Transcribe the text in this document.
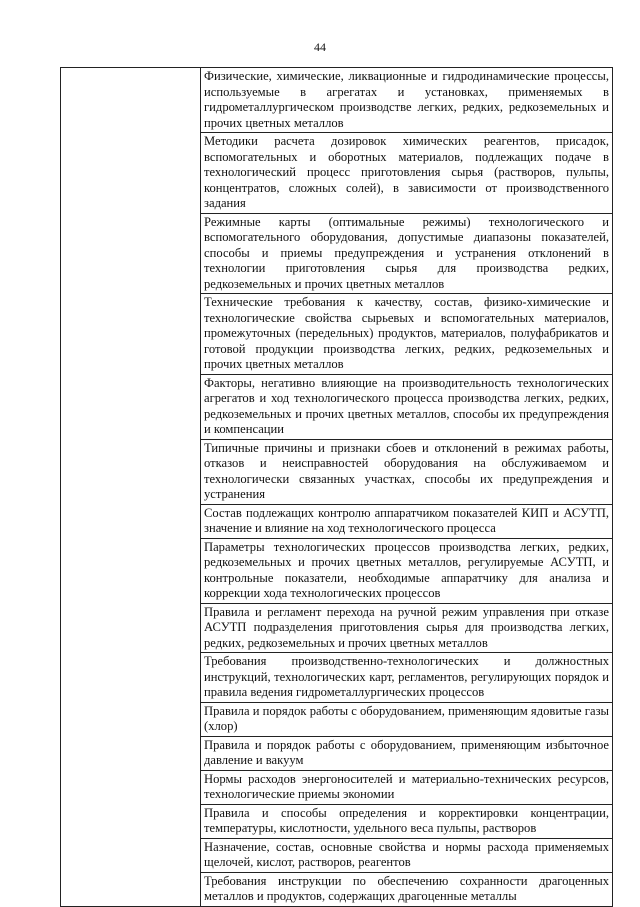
44
	Физические, химические, ликвационные и гидродинамические процессы, используемые в агрегатах и установках, применяемых в гидрометаллургическом производстве легких, редких, редкоземельных и прочих цветных металлов
Методики расчета дозировок химических реагентов, присадок, вспомогательных и оборотных материалов, подлежащих подаче в технологический процесс приготовления сырья (растворов, пульпы, концентратов, сложных солей), в зависимости от производственного задания
Режимные карты (оптимальные режимы) технологического и вспомогательного оборудования, допустимые диапазоны показателей, способы и приемы предупреждения и устранения отклонений в технологии приготовления сырья для производства редких, редкоземельных и прочих цветных металлов
Технические требования к качеству, состав, физико-химические и технологические свойства сырьевых и вспомогательных материалов, промежуточных (передельных) продуктов, материалов, полуфабрикатов и готовой продукции производства легких, редких, редкоземельных и прочих цветных металлов
Факторы, негативно влияющие на производительность технологических агрегатов и ход технологического процесса производства легких, редких, редкоземельных и прочих цветных металлов, способы их предупреждения и компенсации
Типичные причины и признаки сбоев и отклонений в режимах работы, отказов и неисправностей оборудования на обслуживаемом и технологически связанных участках, способы их предупреждения и устранения
Состав подлежащих контролю аппаратчиком показателей КИП и АСУТП, значение и влияние на ход технологического процесса
Параметры технологических процессов производства легких, редких, редкоземельных и прочих цветных металлов, регулируемые АСУТП, и контрольные показатели, необходимые аппаратчику для анализа и коррекции хода технологических процессов
Правила и регламент перехода на ручной режим управления при отказе АСУТП подразделения приготовления сырья для производства легких, редких, редкоземельных и прочих цветных металлов
Требования производственно-технологических и должностных инструкций, технологических карт, регламентов, регулирующих порядок и правила ведения гидрометаллургических процессов
Правила и порядок работы с оборудованием, применяющим ядовитые газы (хлор)
Правила и порядок работы с оборудованием, применяющим избыточное давление и вакуум
Нормы расходов энергоносителей и материально-технических ресурсов, технологические приемы экономии
Правила и способы определения и корректировки концентрации, температуры, кислотности, удельного веса пульпы, растворов
Назначение, состав, основные свойства и нормы расхода применяемых щелочей, кислот, растворов, реагентов
Требования инструкции по обеспечению сохранности драгоценных металлов и продуктов, содержащих драгоценные металлы
